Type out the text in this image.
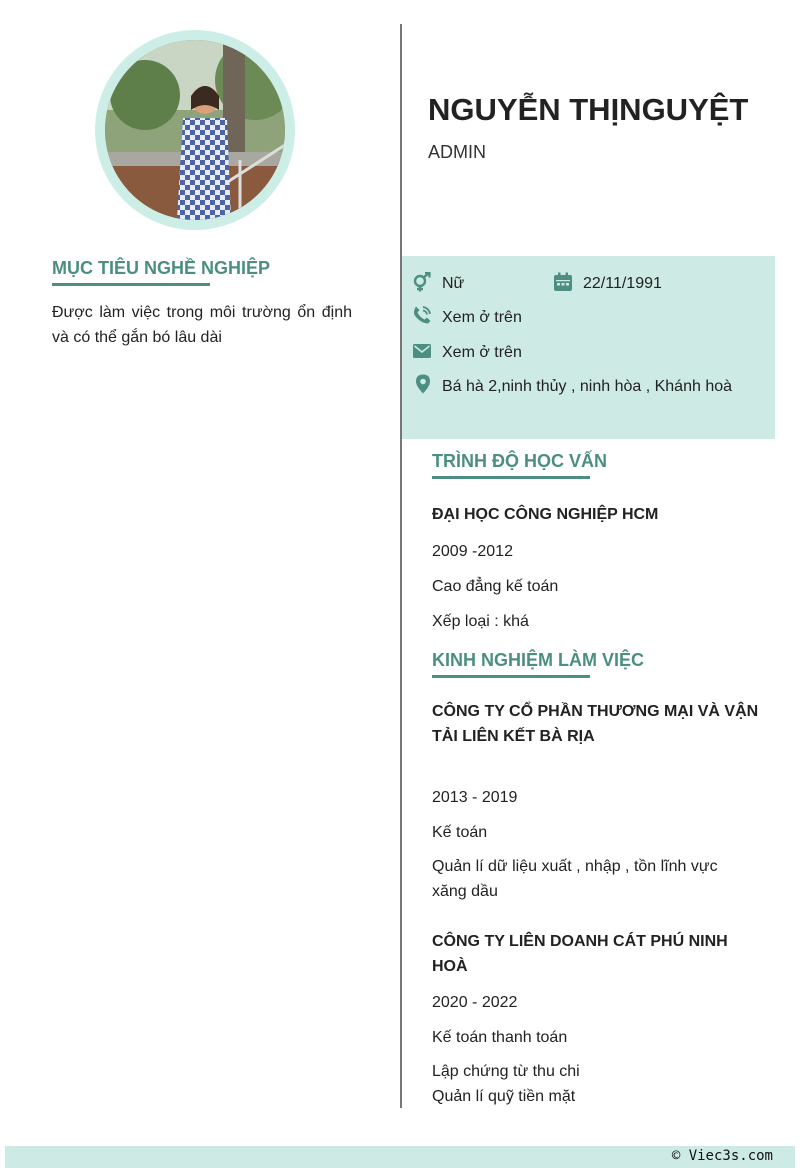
MỤC TIÊU NGHỀ NGHIỆP
Được làm việc trong môi trường ổn định và có thể gắn bó lâu dài
NGUYỄN THỊNGUYỆT
ADMIN
Nữ	22/11/1991
Xem ở trên
Xem ở trên
Bá hà 2,ninh thủy , ninh hòa , Khánh hoà
TRÌNH ĐỘ HỌC VẤN
ĐẠI HỌC CÔNG NGHIỆP HCM
2009 -2012
Cao đẳng kế toán
Xếp loại : khá
KINH NGHIỆM LÀM VIỆC
CÔNG TY CỔ PHẦN THƯƠNG MẠI VÀ VẬN TẢI LIÊN KẾT BÀ RỊA
2013 - 2019
Kế toán
Quản lí dữ liệu xuất , nhập , tồn lĩnh vực xăng dầu
CÔNG TY LIÊN DOANH CÁT PHÚ NINH HOÀ
2020 - 2022
Kế toán thanh toán
Lập chứng từ thu chi
Quản lí quỹ tiền mặt
© Viec3s.com
